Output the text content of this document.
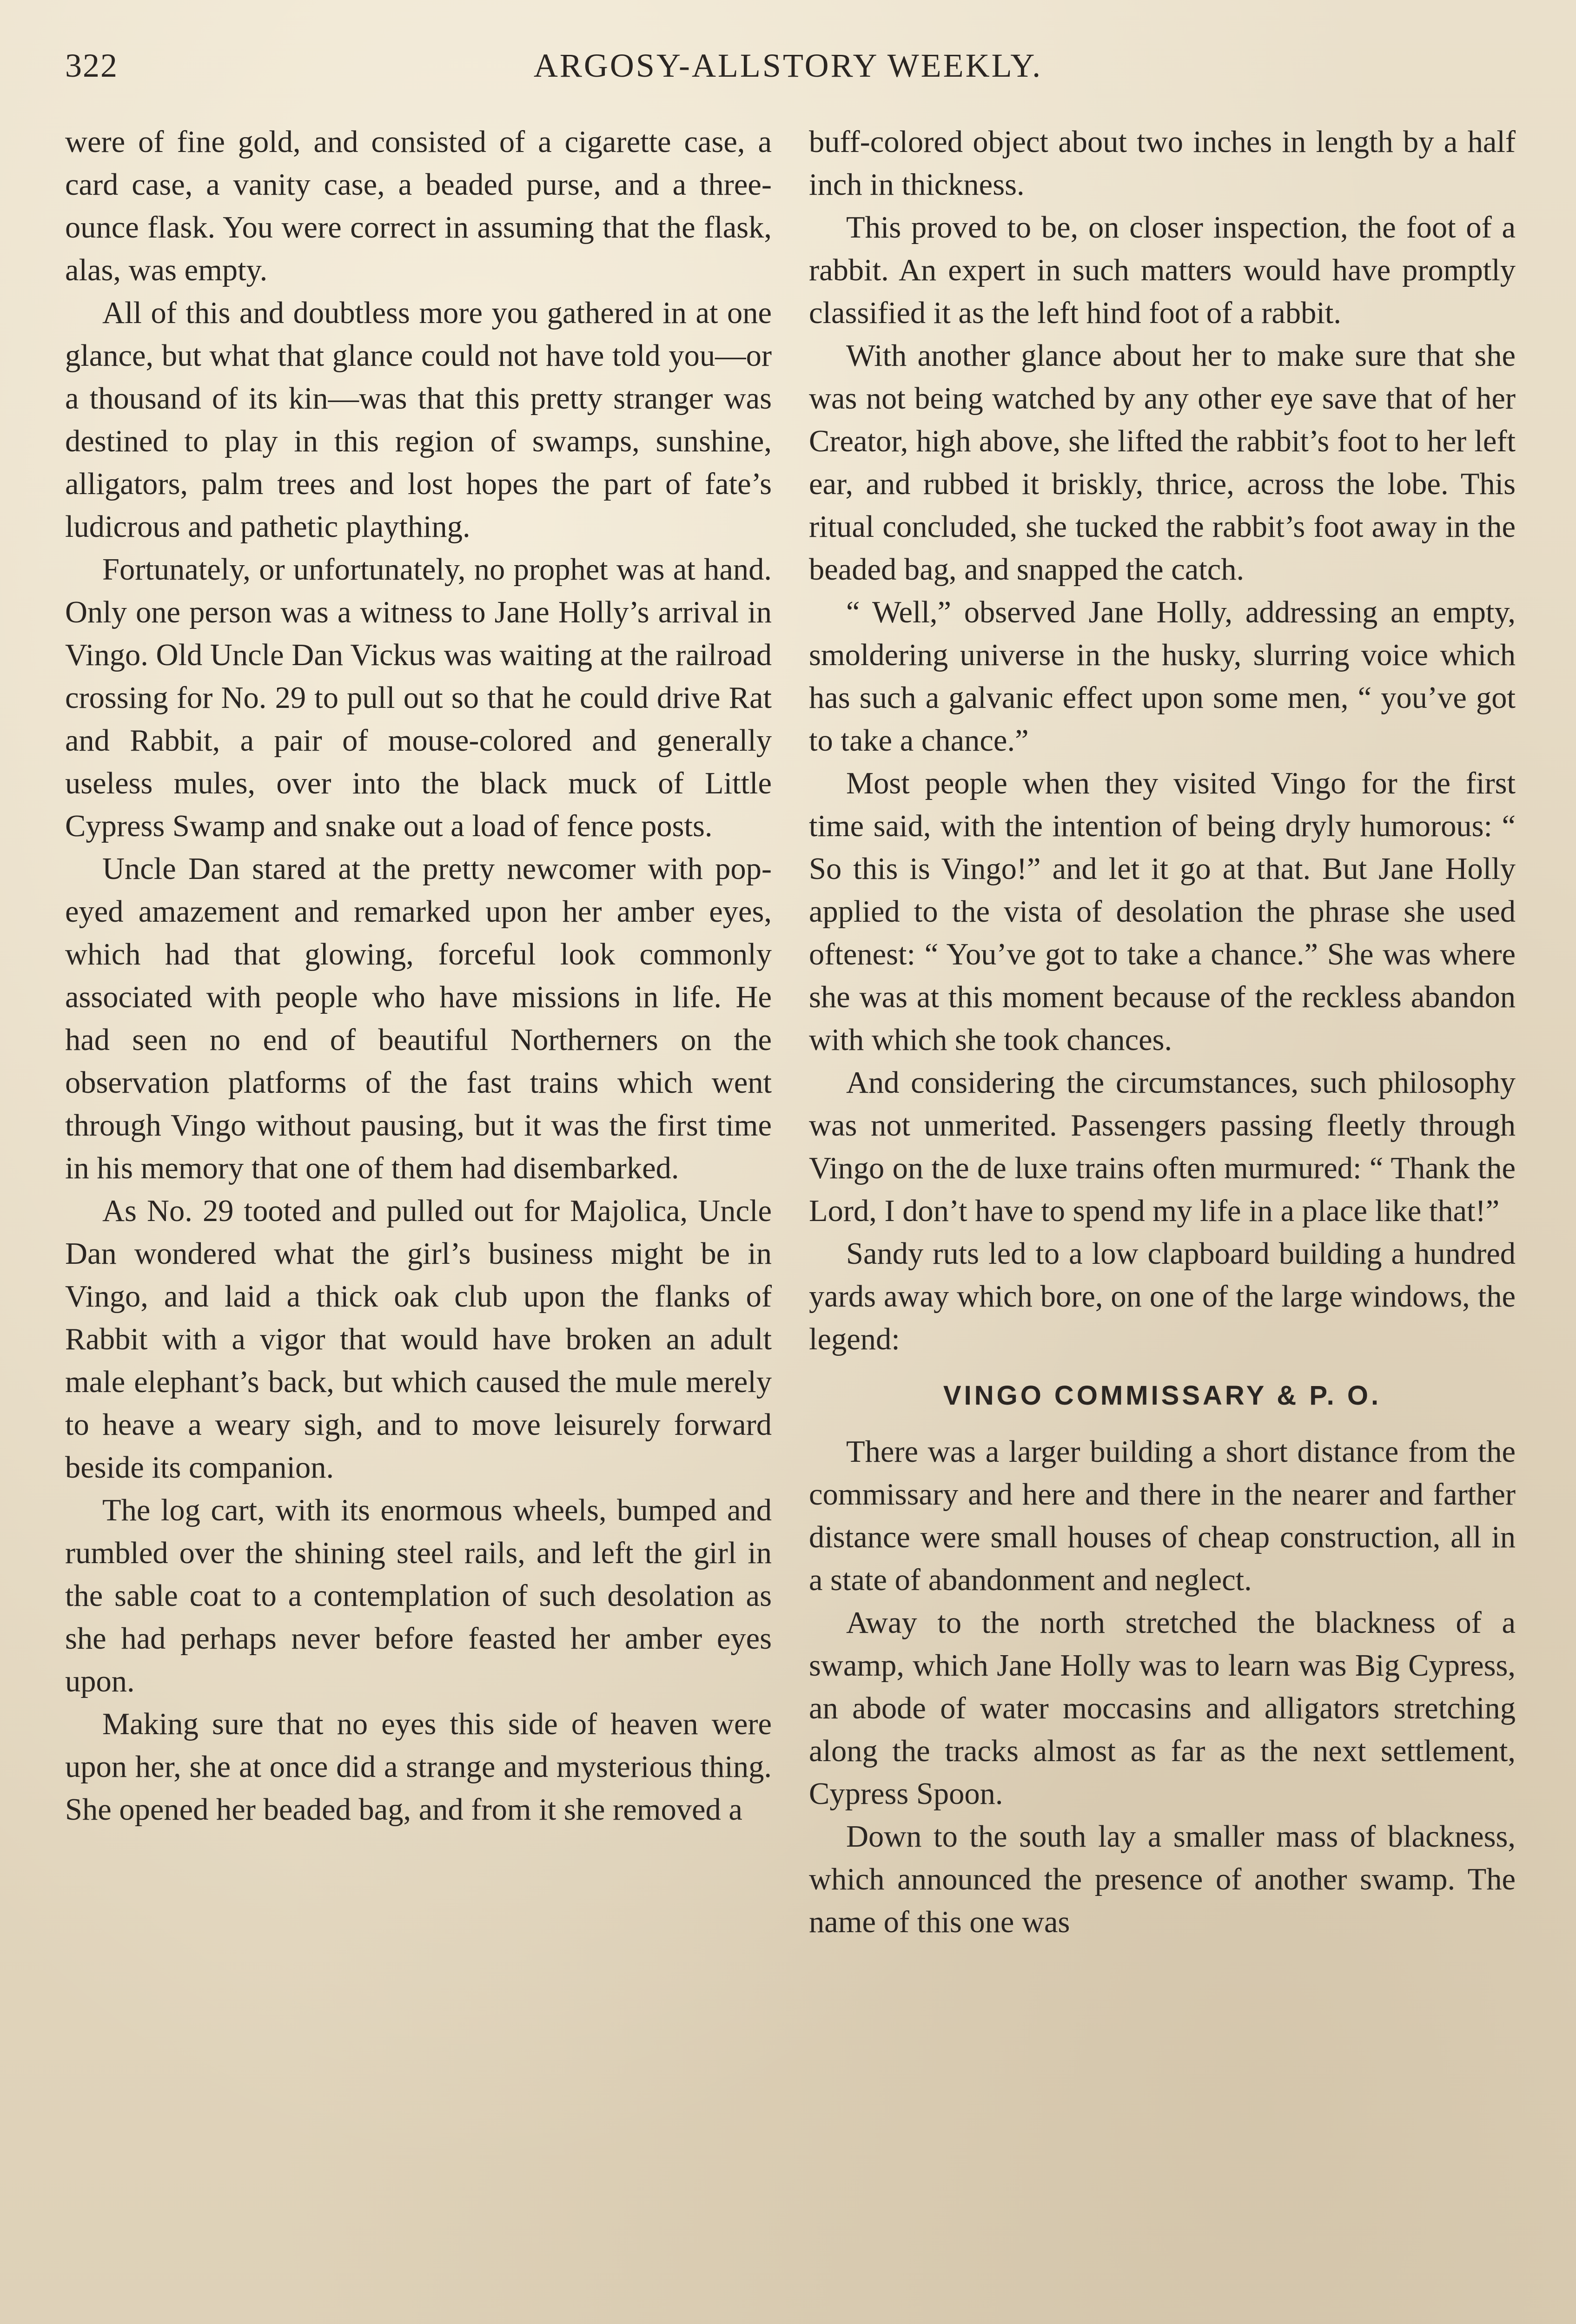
322	ARGOSY-ALLSTORY WEEKLY.

were of fine gold, and consisted of a cigarette case, a card case, a vanity case, a beaded purse, and a three-ounce flask. You were correct in assuming that the flask, alas, was empty.

All of this and doubtless more you gathered in at one glance, but what that glance could not have told you—or a thousand of its kin—was that this pretty stranger was destined to play in this region of swamps, sunshine, alligators, palm trees and lost hopes the part of fate’s ludicrous and pathetic plaything.

Fortunately, or unfortunately, no prophet was at hand. Only one person was a witness to Jane Holly’s arrival in Vingo. Old Uncle Dan Vickus was waiting at the railroad crossing for No. 29 to pull out so that he could drive Rat and Rabbit, a pair of mouse-colored and generally useless mules, over into the black muck of Little Cypress Swamp and snake out a load of fence posts.

Uncle Dan stared at the pretty newcomer with pop-eyed amazement and remarked upon her amber eyes, which had that glowing, forceful look commonly associated with people who have missions in life. He had seen no end of beautiful Northerners on the observation platforms of the fast trains which went through Vingo without pausing, but it was the first time in his memory that one of them had disembarked.

As No. 29 tooted and pulled out for Majolica, Uncle Dan wondered what the girl’s business might be in Vingo, and laid a thick oak club upon the flanks of Rabbit with a vigor that would have broken an adult male elephant’s back, but which caused the mule merely to heave a weary sigh, and to move leisurely forward beside its companion.

The log cart, with its enormous wheels, bumped and rumbled over the shining steel rails, and left the girl in the sable coat to a contemplation of such desolation as she had perhaps never before feasted her amber eyes upon.

Making sure that no eyes this side of heaven were upon her, she at once did a strange and mysterious thing. She opened her beaded bag, and from it she removed a

buff-colored object about two inches in length by a half inch in thickness.

This proved to be, on closer inspection, the foot of a rabbit. An expert in such matters would have promptly classified it as the left hind foot of a rabbit.

With another glance about her to make sure that she was not being watched by any other eye save that of her Creator, high above, she lifted the rabbit’s foot to her left ear, and rubbed it briskly, thrice, across the lobe. This ritual concluded, she tucked the rabbit’s foot away in the beaded bag, and snapped the catch.

“ Well,” observed Jane Holly, addressing an empty, smoldering universe in the husky, slurring voice which has such a galvanic effect upon some men, “ you’ve got to take a chance.”

Most people when they visited Vingo for the first time said, with the intention of being dryly humorous: “ So this is Vingo!” and let it go at that. But Jane Holly applied to the vista of desolation the phrase she used oftenest: “ You’ve got to take a chance.” She was where she was at this moment because of the reckless abandon with which she took chances.

And considering the circumstances, such philosophy was not unmerited. Passengers passing fleetly through Vingo on the de luxe trains often murmured: “ Thank the Lord, I don’t have to spend my life in a place like that!”

Sandy ruts led to a low clapboard building a hundred yards away which bore, on one of the large windows, the legend:

VINGO COMMISSARY & P. O.

There was a larger building a short distance from the commissary and here and there in the nearer and farther distance were small houses of cheap construction, all in a state of abandonment and neglect.

Away to the north stretched the blackness of a swamp, which Jane Holly was to learn was Big Cypress, an abode of water moccasins and alligators stretching along the tracks almost as far as the next settlement, Cypress Spoon.

Down to the south lay a smaller mass of blackness, which announced the presence of another swamp. The name of this one was
